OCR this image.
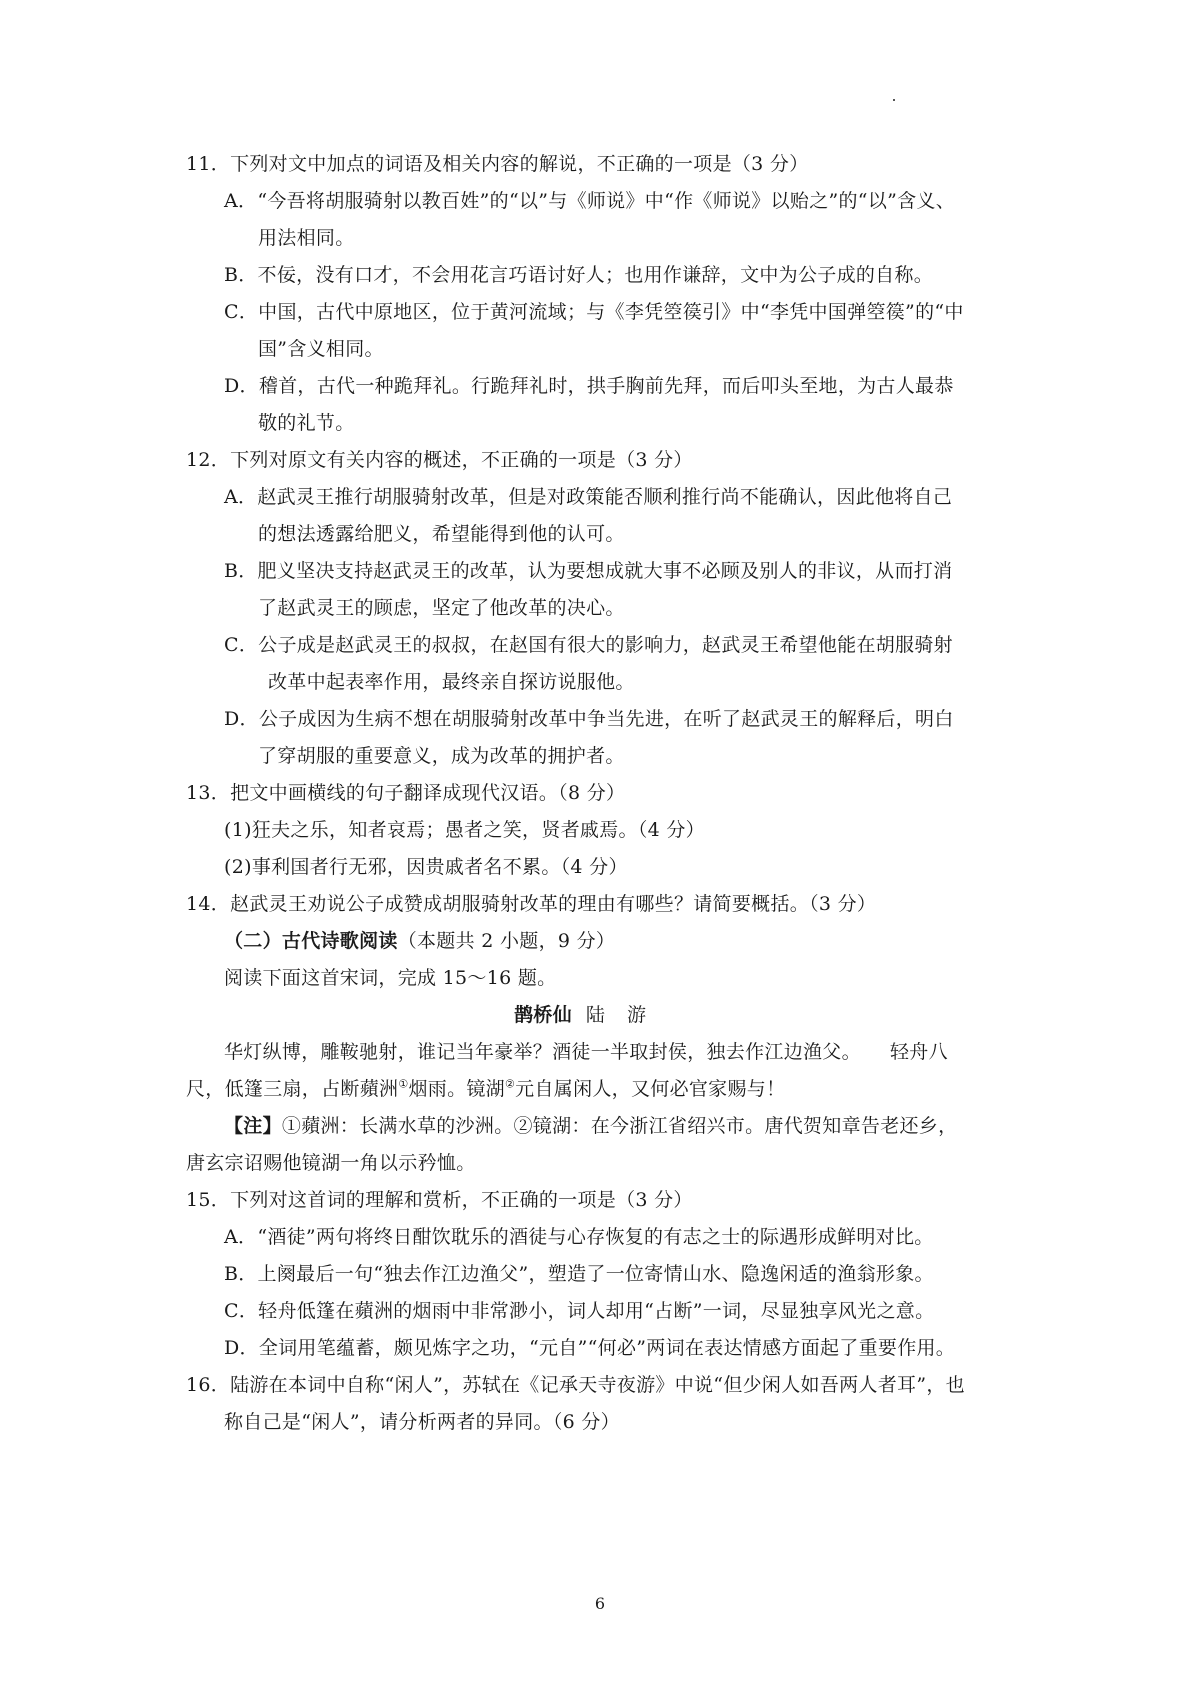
11．下列对文中加点的词语及相关内容的解说，不正确的一项是（3 分）
A．“今吾将胡服骑射以教百姓”的“以”与《师说》中“作《师说》以贻之”的“以”含义、
用法相同。
B．不佞，没有口才，不会用花言巧语讨好人；也用作谦辞，文中为公子成的自称。
C．中国，古代中原地区，位于黄河流域；与《李凭箜篌引》中“李凭中国弹箜篌”的“中
国”含义相同。
D．稽首，古代一种跪拜礼。行跪拜礼时，拱手胸前先拜，而后叩头至地，为古人最恭
敬的礼节。
12．下列对原文有关内容的概述，不正确的一项是（3 分）
A．赵武灵王推行胡服骑射改革，但是对政策能否顺利推行尚不能确认，因此他将自己
的想法透露给肥义，希望能得到他的认可。
B．肥义坚决支持赵武灵王的改革，认为要想成就大事不必顾及别人的非议，从而打消
了赵武灵王的顾虑，坚定了他改革的决心。
C．公子成是赵武灵王的叔叔，在赵国有很大的影响力，赵武灵王希望他能在胡服骑射
改革中起表率作用，最终亲自探访说服他。
D．公子成因为生病不想在胡服骑射改革中争当先进，在听了赵武灵王的解释后，明白
了穿胡服的重要意义，成为改革的拥护者。
13．把文中画横线的句子翻译成现代汉语。（8 分）
(1)狂夫之乐，知者哀焉；愚者之笑，贤者戚焉。（4 分）
(2)事利国者行无邪，因贵戚者名不累。（4 分）
14．赵武灵王劝说公子成赞成胡服骑射改革的理由有哪些？请简要概括。（3 分）
（二）古代诗歌阅读（本题共 2 小题，9 分）
阅读下面这首宋词，完成 15～16 题。
鹊桥仙 陆 游
华灯纵博，雕鞍驰射，谁记当年豪举？酒徒一半取封侯，独去作江边渔父。　　轻舟八
尺，低篷三扇，占断蘋洲①烟雨。镜湖②元自属闲人，又何必官家赐与！
【注】①蘋洲：长满水草的沙洲。②镜湖：在今浙江省绍兴市。唐代贺知章告老还乡，
唐玄宗诏赐他镜湖一角以示矜恤。
15．下列对这首词的理解和赏析，不正确的一项是（3 分）
A．“酒徒”两句将终日酣饮耽乐的酒徒与心存恢复的有志之士的际遇形成鲜明对比。
B．上阕最后一句“独去作江边渔父”，塑造了一位寄情山水、隐逸闲适的渔翁形象。
C．轻舟低篷在蘋洲的烟雨中非常渺小，词人却用“占断”一词，尽显独享风光之意。
D．全词用笔蕴蓄，颇见炼字之功，“元自”“何必”两词在表达情感方面起了重要作用。
16．陆游在本词中自称“闲人”，苏轼在《记承天寺夜游》中说“但少闲人如吾两人者耳”，也
称自己是“闲人”，请分析两者的异同。（6 分）
6
